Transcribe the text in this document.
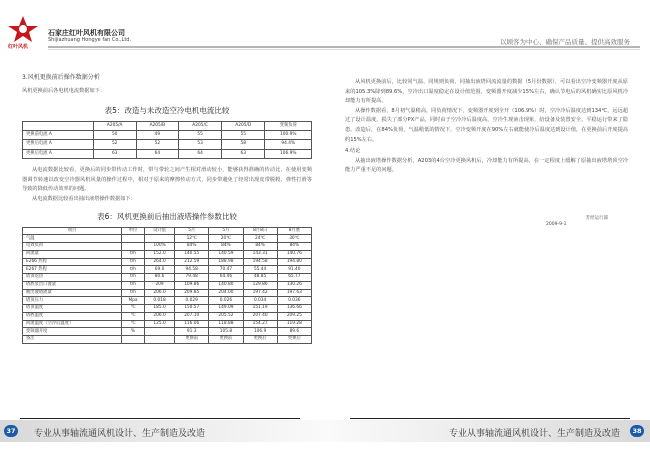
红叶风机
石家庄红叶风机有限公司
Shijiazhuang Hongye fan Co.,Ltd.	以顾客为中心、确保产品质量、提供高效服务
3.风机更换前后操作数据分析
风机更换前后各电机电流数据如下：
表5：改造与未改造空冷电机电流比较
	A205/A	A205/B	A205/C	A205/D	变频负荷
更换前电流 A	50	49	55	55	100.9%
更换后电流 A	52	52	53	58	94.4%
更换后电流 A	63	64	64	63	106.9%
从电流数据比较看，更换后的同步带传动工作时，带与带轮之间产生相对滑动较小，能够获得准确的传动比，在使用变频器调节转速以改变空冷器风机风量的操作过程中，相对于原来的摩擦传动方式，同步带避免了经常出现皮带脱毂、弹性打滑等导致的降低传动效率的问题。
从电流数据比较看出抽出液塔操作数据如下：
表6：风机更换前后抽出液塔操作参数比较
项目	单位	设计值	5月	5月	8月8日	8月底
气温			12℃	20℃	24℃	30℃
电效负荷		100%	84%	84%	84%	84%
回流量	t/h	152.0	140.55	140.59	143.31	140.76
E266 热程	t/h	264.0	212.59	188.98	194.58	194.80
E267 热程	t/h	69.0	94.58	70.47	55.44	91.40
塔顶返热	t/h	80.6	79.48	64.46	48.85	65.77
塔底泵出口流量	t/h	209	109.86	140.80	129.86	130.26
抽出液塔流量	t/h	206.0	209.85	204.00	197.42	197.63
塔顶压力	Mpa	0.018	0.029	0.026	0.034	0.036
塔顶温度	℃	185.0	150.57	149.09	151.19	136.66
塔底温度	℃	206.0	207.10	205.52	207.40	209.25
回流温度（空冷后温度）	℃	125.0	116.06	118.88	154.27	119.28
变频器开度	%		91.3	105.8	106.9	89.6
备注			更换前	更换前	更换后	更换后
从风机更换前后，比较同气温、同规则负荷、同抽出液塔回流流量的数据（5月份数据），可以看出空冷变频器开度从原来的105.3%降到89.6%，空冷出口温度稳定在设计值范围，变频器开度减少15%左右，确认节电后的风机确实比原风机冷却能力有所提高。
从操作数据看，8月初气温稍高，同负荷情况下，变频器开度到全开（106.9%）时，空冷冷后温度达到134℃，远远超过了设计温度，损失了部分PX产品，同时由于空冷冷后温度高，空冷生现液击现象，给设备及装置安全、平稳运行带来了隐患。改造后，在84%负荷，气温稍低的情况下，空冷变频开度在90%左右就能使冷后温度达到设计值，在更换前后开度提高约15%左右。
4.结论
从抽出液塔操作数据分析，A203的4台空冷更换风机后，冷却能力有所提高，在一定程度上缓解了原抽出液塔塔顶空冷能力严重不足的问题。
芳烃运行部
2009-9-1
37	38
专业从事轴流通风机设计、生产制造及改造	专业从事轴流通风机设计、生产制造及改造
